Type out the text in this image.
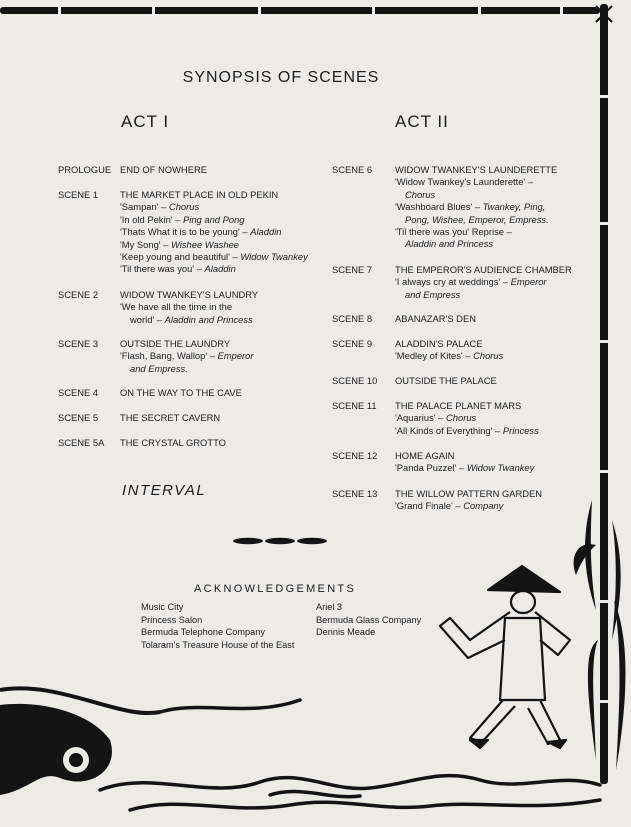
SYNOPSIS OF SCENES
ACT I	ACT II
PROLOGUE END OF NOWHERE
SCENE 1 THE MARKET PLACE IN OLD PEKIN
'Sampan' – Chorus
'In old Pekin' – Ping and Pong
'Thats What it is to be young' – Aladdin
'My Song' – Wishee Washee
'Keep young and beautiful' – Widow Twankey
'Til there was you' – Aladdin
SCENE 2 WIDOW TWANKEY'S LAUNDRY
'We have all the time in the
world' – Aladdin and Princess
SCENE 3 OUTSIDE THE LAUNDRY
'Flash, Bang, Wallop' – Emperor
and Empress.
SCENE 4 ON THE WAY TO THE CAVE
SCENE 5 THE SECRET CAVERN
SCENE 5A THE CRYSTAL GROTTO
SCENE 6 WIDOW TWANKEY'S LAUNDERETTE
'Widow Twankey's Launderette' –
Chorus
'Washboard Blues' – Twankey, Ping,
Pong, Wishee, Emperor, Empress.
'Til there was you' Reprise –
Aladdin and Princess
SCENE 7 THE EMPEROR'S AUDIENCE CHAMBER
'I always cry at weddings' – Emperor
and Empress
SCENE 8 ABANAZAR'S DEN
SCENE 9 ALADDIN'S PALACE
'Medley of Kites' – Chorus
SCENE 10 OUTSIDE THE PALACE
SCENE 11 THE PALACE PLANET MARS
'Aquarius' – Chorus
'All Kinds of Everything' – Princess
SCENE 12 HOME AGAIN
'Panda Puzzel' – Widow Twankey
SCENE 13 THE WILLOW PATTERN GARDEN
'Grand Finale' – Company
INTERVAL
ACKNOWLEDGEMENTS
Music City
Princess Salon
Bermuda Telephone Company
Tolaram's Treasure House of the East
Ariel 3
Bermuda Glass Company
Dennis Meade
